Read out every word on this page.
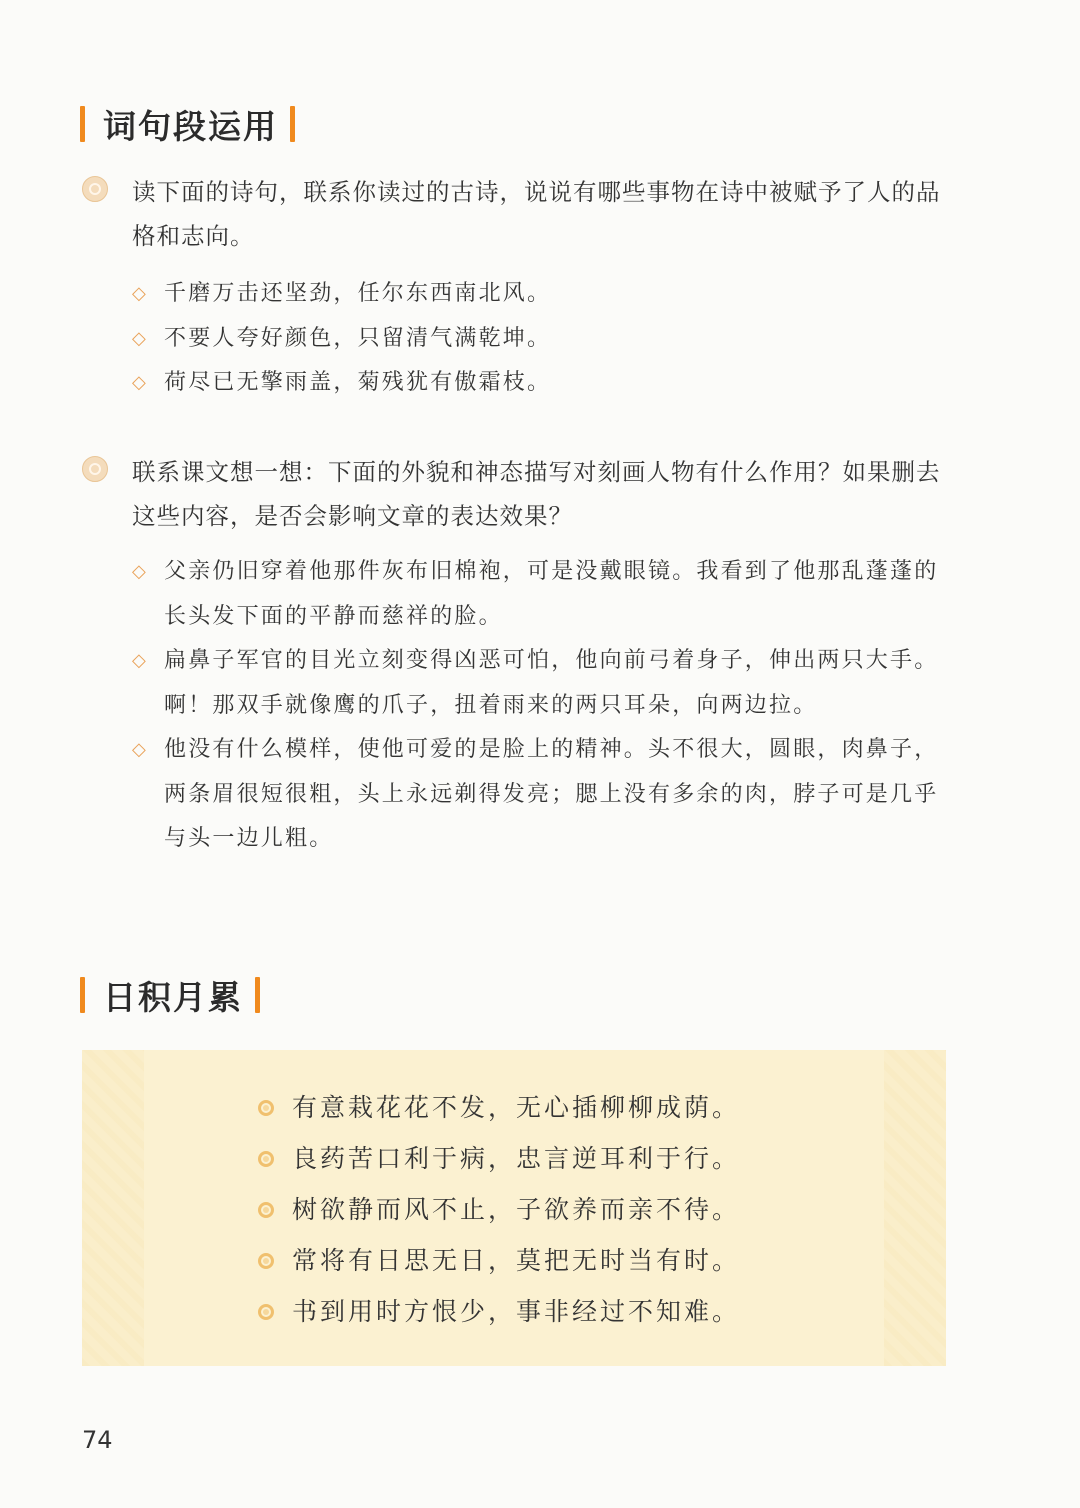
词句段运用
读下面的诗句，联系你读过的古诗，说说有哪些事物在诗中被赋予了人的品格和志向。
◇ 千磨万击还坚劲，任尔东西南北风。
◇ 不要人夸好颜色，只留清气满乾坤。
◇ 荷尽已无擎雨盖，菊残犹有傲霜枝。
联系课文想一想：下面的外貌和神态描写对刻画人物有什么作用？如果删去这些内容，是否会影响文章的表达效果？
◇ 父亲仍旧穿着他那件灰布旧棉袍，可是没戴眼镜。我看到了他那乱蓬蓬的长头发下面的平静而慈祥的脸。
◇ 扁鼻子军官的目光立刻变得凶恶可怕，他向前弓着身子，伸出两只大手。啊！那双手就像鹰的爪子，扭着雨来的两只耳朵，向两边拉。
◇ 他没有什么模样，使他可爱的是脸上的精神。头不很大，圆眼，肉鼻子，两条眉很短很粗，头上永远剃得发亮；腮上没有多余的肉，脖子可是几乎与头一边儿粗。
日积月累
有意栽花花不发，无心插柳柳成荫。
良药苦口利于病，忠言逆耳利于行。
树欲静而风不止，子欲养而亲不待。
常将有日思无日，莫把无时当有时。
书到用时方恨少，事非经过不知难。
74
